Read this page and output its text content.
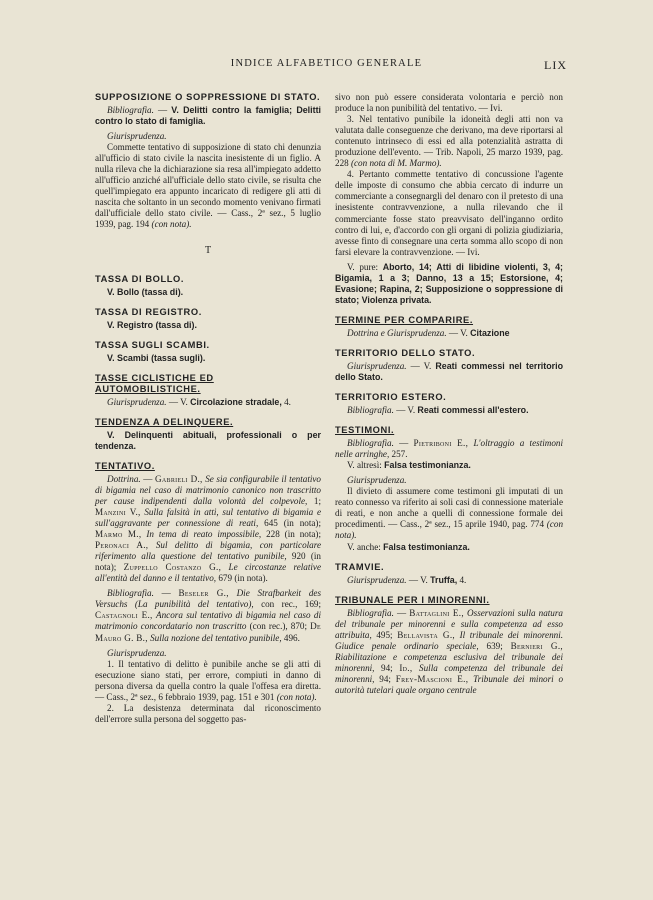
INDICE ALFABETICO GENERALE	LIX
SUPPOSIZIONE O SOPPRESSIONE DI STATO.

Bibliografia. — V. Delitti contro la famiglia; Delitti contro lo stato di famiglia.

Giurisprudenza.

Commette tentativo di supposizione di stato chi denunzia all'ufficio di stato civile la nascita inesistente di un figlio. A nulla rileva che la dichiarazione sia resa all'impiegato addetto all'ufficio anziché all'ufficiale dello stato civile, se risulta che quell'impiegato era appunto incaricato di redigere gli atti di nascita che soltanto in un secondo momento venivano firmati dall'ufficiale dello stato civile. — Cass., 2ª sez., 5 luglio 1939, pag. 194 (con nota).

T
TASSA DI BOLLO.

V. Bollo (tassa di).

TASSA DI REGISTRO.

V. Registro (tassa di).

TASSA SUGLI SCAMBI.

V. Scambi (tassa sugli).

TASSE CICLISTICHE ED AUTOMOBILISTICHE.

Giurisprudenza. — V. Circolazione stradale, 4.

TENDENZA A DELINQUERE.

V. Delinquenti abituali, professionali o per tendenza.

TENTATIVO.

Dottrina. — Gabrieli D., Se sia configurabile il tentativo di bigamia nel caso di matrimonio canonico non trascritto per cause indipendenti dalla volontà del colpevole, 1; Manzini V., Sulla falsità in atti, sul tentativo di bigamia e sull'aggravante per connessione di reati, 645 (in nota); Marmo M., In tema di reato impossibile, 228 (in nota); Peronaci A., Sul delitto di bigamia, con particolare riferimento alla questione del tentativo punibile, 920 (in nota); Zuppello Costanzo G., Le circostanze relative all'entità del danno e il tentativo, 679 (in nota).

Bibliografia. — Beseler G., Die Strafbarkeit des Versuchs (La punibilità del tentativo), con rec., 169; Castagnoli E., Ancora sul tentativo di bigamia nel caso di matrimonio concordatario non trascritto (con rec.), 870; De Mauro G. B., Sulla nozione del tentativo punibile, 496.

Giurisprudenza.

1. Il tentativo di delitto è punibile anche se gli atti di esecuzione siano stati, per errore, compiuti in danno di persona diversa da quella contro la quale l'offesa era diretta. — Cass., 2ª sez., 6 febbraio 1939, pag. 151 e 301 (con nota).

2. La desistenza determinata dal riconoscimento dell'errore sulla persona del soggetto pas-

sivo non può essere considerata volontaria e perciò non produce la non punibilità del tentativo. — Ivi.

3. Nel tentativo punibile la idoneità degli atti non va valutata dalle conseguenze che derivano, ma deve riportarsi al contenuto intrinseco di essi ed alla potenzialità astratta di produzione dell'evento. — Trib. Napoli, 25 marzo 1939, pag. 228 (con nota di M. Marmo).

4. Pertanto commette tentativo di concussione l'agente delle imposte di consumo che abbia cercato di indurre un commerciante a consegnargli del denaro con il pretesto di una inesistente contravvenzione, a nulla rilevando che il commerciante fosse stato preavvisato dell'inganno ordito contro di lui, e, d'accordo con gli organi di polizia giudiziaria, avesse finto di consegnare una certa somma allo scopo di non farsi elevare la contravvenzione. — Ivi.

V. pure: Aborto, 14; Atti di libidine violenti, 3, 4; Bigamia, 1 a 3; Danno, 13 a 15; Estorsione, 4; Evasione; Rapina, 2; Supposizione o soppressione di stato; Violenza privata.

TERMINE PER COMPARIRE.

Dottrina e Giurisprudenza. — V. Citazione

TERRITORIO DELLO STATO.

Giurisprudenza. — V. Reati commessi nel territorio dello Stato.

TERRITORIO ESTERO.

Bibliografia. — V. Reati commessi all'estero.

TESTIMONI.

Bibliografia. — Pietriboni E., L'oltraggio a testimoni nelle arringhe, 257.

V. altresì: Falsa testimonianza.

Giurisprudenza.

Il divieto di assumere come testimoni gli imputati di un reato connesso va riferito ai soli casi di connessione materiale di reati, e non anche a quelli di connessione formale dei procedimenti. — Cass., 2ª sez., 15 aprile 1940, pag. 774 (con nota).

V. anche: Falsa testimonianza.

TRAMVIE.

Giurisprudenza. — V. Truffa, 4.

TRIBUNALE PER I MINORENNI.

Bibliografia. — Battaglini E., Osservazioni sulla natura del tribunale per minorenni e sulla competenza ad esso attribuita, 495; Bellavista G., Il tribunale dei minorenni. Giudice penale ordinario speciale, 639; Bernieri G., Riabilitazione e competenza esclusiva del tribunale dei minorenni, 94; Id., Sulla competenza del tribunale dei minorenni, 94; Frey-Mascioni E., Tribunale dei minori o autorità tutelari quale organo centrale
